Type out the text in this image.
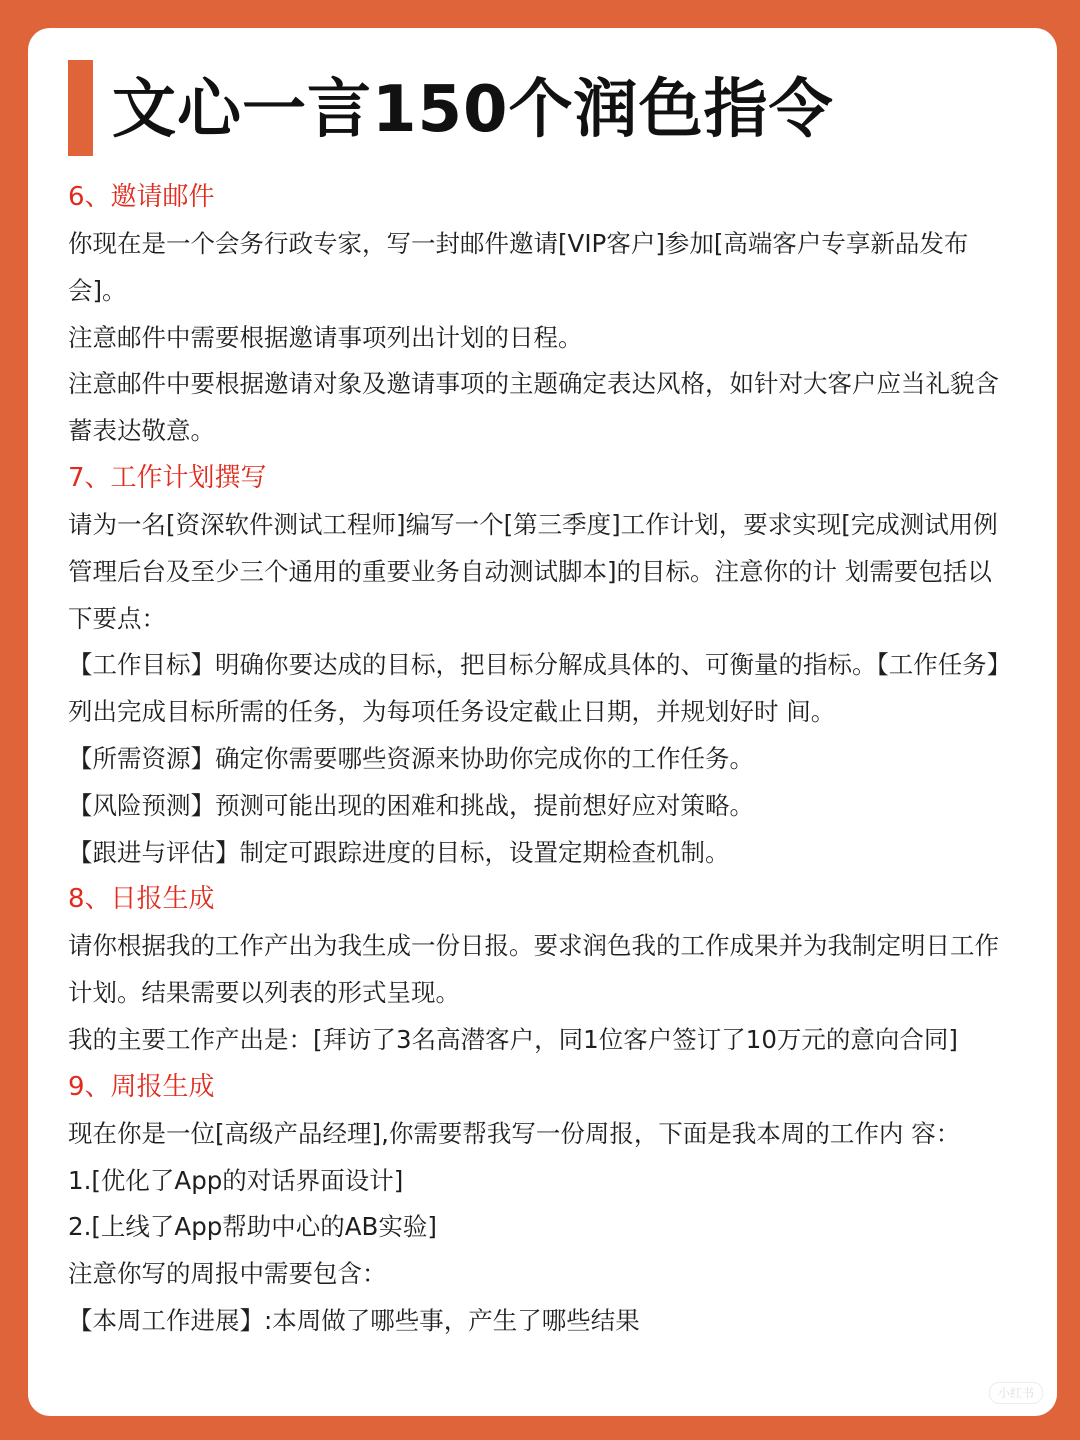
文心一言150个润色指令
6、邀请邮件

你现在是一个会务行政专家，写一封邮件邀请[VIP客户]参加[高端客户专享新品发布会]。

注意邮件中需要根据邀请事项列出计划的日程。

注意邮件中要根据邀请对象及邀请事项的主题确定表达风格，如针对大客户应当礼貌含蓄表达敬意。

7、工作计划撰写

请为一名[资深软件测试工程师]编写一个[第三季度]工作计划，要求实现[完成测试用例管理后台及至少三个通用的重要业务自动测试脚本]的目标。注意你的计 划需要包括以下要点：

【工作目标】明确你要达成的目标，把目标分解成具体的、可衡量的指标。【工作任务】列出完成目标所需的任务，为每项任务设定截止日期，并规划好时 间。

【所需资源】确定你需要哪些资源来协助你完成你的工作任务。

【风险预测】预测可能出现的困难和挑战，提前想好应对策略。

【跟进与评估】制定可跟踪进度的目标，设置定期检查机制。

8、日报生成

请你根据我的工作产出为我生成一份日报。要求润色我的工作成果并为我制定明日工作计划。结果需要以列表的形式呈现。

我的主要工作产出是：[拜访了3名高潜客户，同1位客户签订了10万元的意向合同]

9、周报生成

现在你是一位[高级产品经理],你需要帮我写一份周报，下面是我本周的工作内 容：

1.[优化了App的对话界面设计]

2.[上线了App帮助中心的AB实验]

注意你写的周报中需要包含：

【本周工作进展】:本周做了哪些事，产生了哪些结果

小红书
